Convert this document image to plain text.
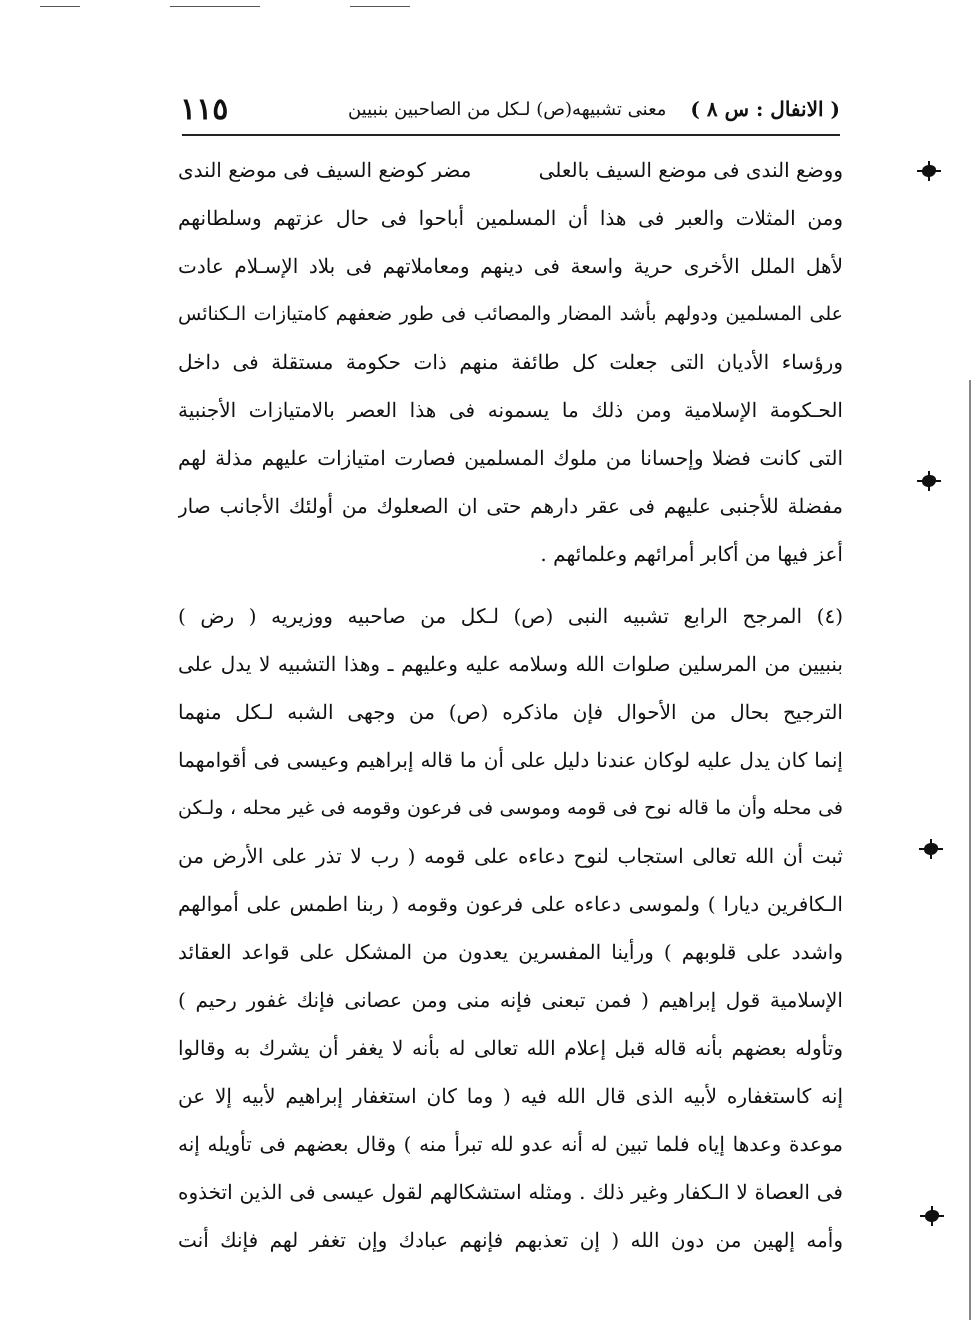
( الانفال : س ٨ )
معنى تشبيهه(ص) لـكل من الصاحبين بنبيين
١١٥
ووضع الندى فى موضع السيف بالعلى
مضر كوضع السيف فى موضع الندى
ومن المثلات والعبر فى هذا أن المسلمين أباحوا فى حال عزتهم وسلطانهم
لأهل الملل الأخرى حرية واسعة فى دينهم ومعاملاتهم فى بلاد الإسـلام عادت
على المسلمين ودولهم بأشد المضار والمصائب فى طور ضعفهم كامتيازات الـكنائس
ورؤساء الأديان التى جعلت كل طائفة منهم ذات حكومة مستقلة فى داخل
الحـكومة الإسلامية ومن ذلك ما يسمونه فى هذا العصر بالامتيازات الأجنبية
التى كانت فضلا وإحسانا من ملوك المسلمين فصارت امتيازات عليهم مذلة لهم
مفضلة للأجنبى عليهم فى عقر دارهم حتى ان الصعلوك من أولئك الأجانب صار
أعز فيها من أكابر أمرائهم وعلمائهم .
(٤) المرجح الرابع تشبيه النبى (ص) لـكل من صاحبيه ووزيريه ( رض )
بنبيين من المرسلين صلوات الله وسلامه عليه وعليهم ـ وهذا التشبيه لا يدل على
الترجيح بحال من الأحوال فإن ماذكره (ص) من وجهى الشبه لـكل منهما
إنما كان يدل عليه لوكان عندنا دليل على أن ما قاله إبراهيم وعيسى فى أقوامهما
فى محله وأن ما قاله نوح فى قومه وموسى فى فرعون وقومه فى غير محله ، ولـكن
ثبت أن الله تعالى استجاب لنوح دعاءه على قومه ( رب لا تذر على الأرض من
الـكافرين ديارا ) ولموسى دعاءه على فرعون وقومه ( ربنا اطمس على أموالهم
واشدد على قلوبهم ) ورأينا المفسرين يعدون من المشكل على قواعد العقائد
الإسلامية قول إبراهيم ( فمن تبعنى فإنه منى ومن عصانى فإنك غفور رحيم )
وتأوله بعضهم بأنه قاله قبل إعلام الله تعالى له بأنه لا يغفر أن يشرك به وقالوا
إنه كاستغفاره لأبيه الذى قال الله فيه ( وما كان استغفار إبراهيم لأبيه إلا عن
موعدة وعدها إياه فلما تبين له أنه عدو لله تبرأ منه ) وقال بعضهم فى تأويله إنه
فى العصاة لا الـكفار وغير ذلك . ومثله استشكالهم لقول عيسى فى الذين اتخذوه
وأمه إلهين من دون الله ( إن تعذبهم فإنهم عبادك وإن تغفر لهم فإنك أنت
